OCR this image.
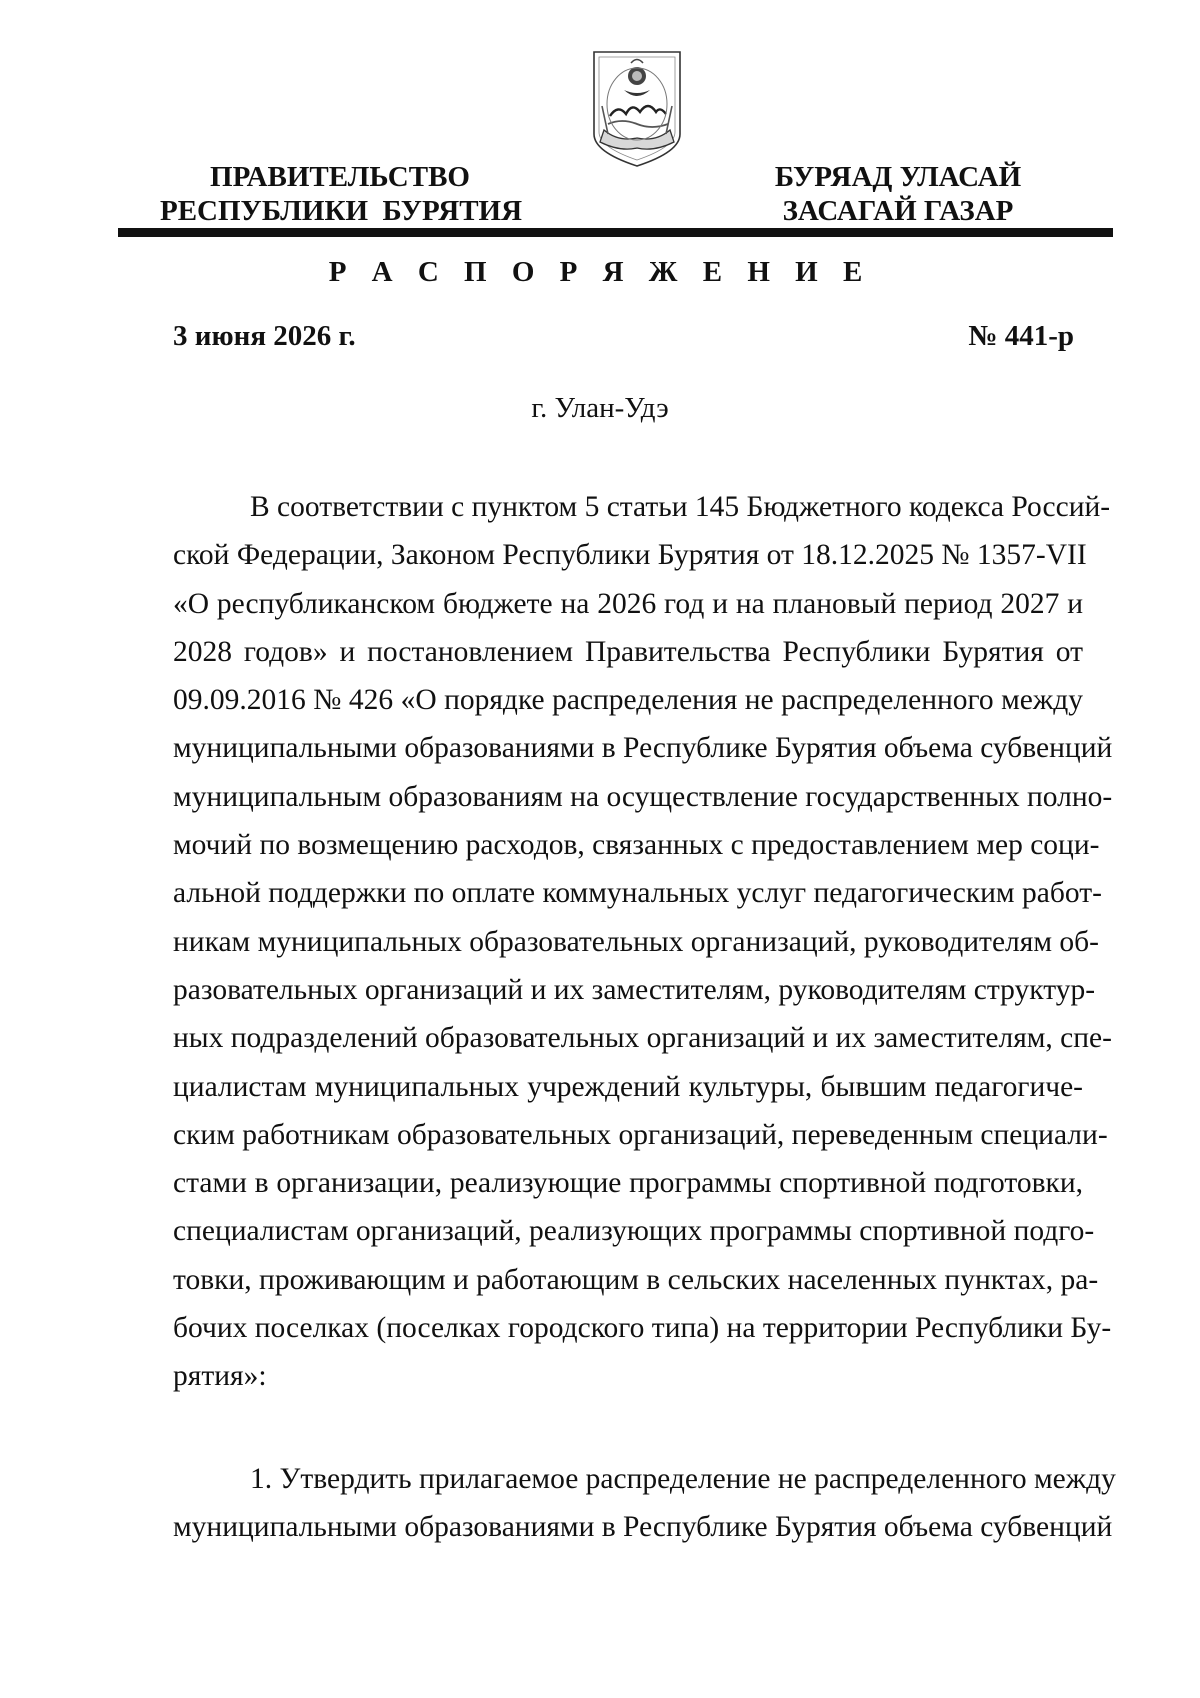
ПРАВИТЕЛЬСТВО
РЕСПУБЛИКИ  БУРЯТИЯ
БУРЯАД УЛАСАЙ
ЗАСАГАЙ ГАЗАР
Р А С П О Р Я Ж Е Н И Е
3 июня 2026 г.	№ 441-р
г. Улан-Удэ
В соответствии с пунктом 5 статьи 145 Бюджетного кодекса Россий-
ской Федерации, Законом Республики Бурятия от 18.12.2025 № 1357-VII
«О республиканском бюджете на 2026 год и на плановый период 2027 и
2028 годов» и постановлением Правительства Республики Бурятия от
09.09.2016 № 426 «О порядке распределения не распределенного между
муниципальными образованиями в Республике Бурятия объема субвенций
муниципальным образованиям на осуществление государственных полно-
мочий по возмещению расходов, связанных с предоставлением мер соци-
альной поддержки по оплате коммунальных услуг педагогическим работ-
никам муниципальных образовательных организаций, руководителям об-
разовательных организаций и их заместителям, руководителям структур-
ных подразделений образовательных организаций и их заместителям, спе-
циалистам муниципальных учреждений культуры, бывшим педагогиче-
ским работникам образовательных организаций, переведенным специали-
стами в организации, реализующие программы спортивной подготовки,
специалистам организаций, реализующих программы спортивной подго-
товки, проживающим и работающим в сельских населенных пунктах, ра-
бочих поселках (поселках городского типа) на территории Республики Бу-
рятия»:
1. Утвердить прилагаемое распределение не распределенного между
муниципальными образованиями в Республике Бурятия объема субвенций
